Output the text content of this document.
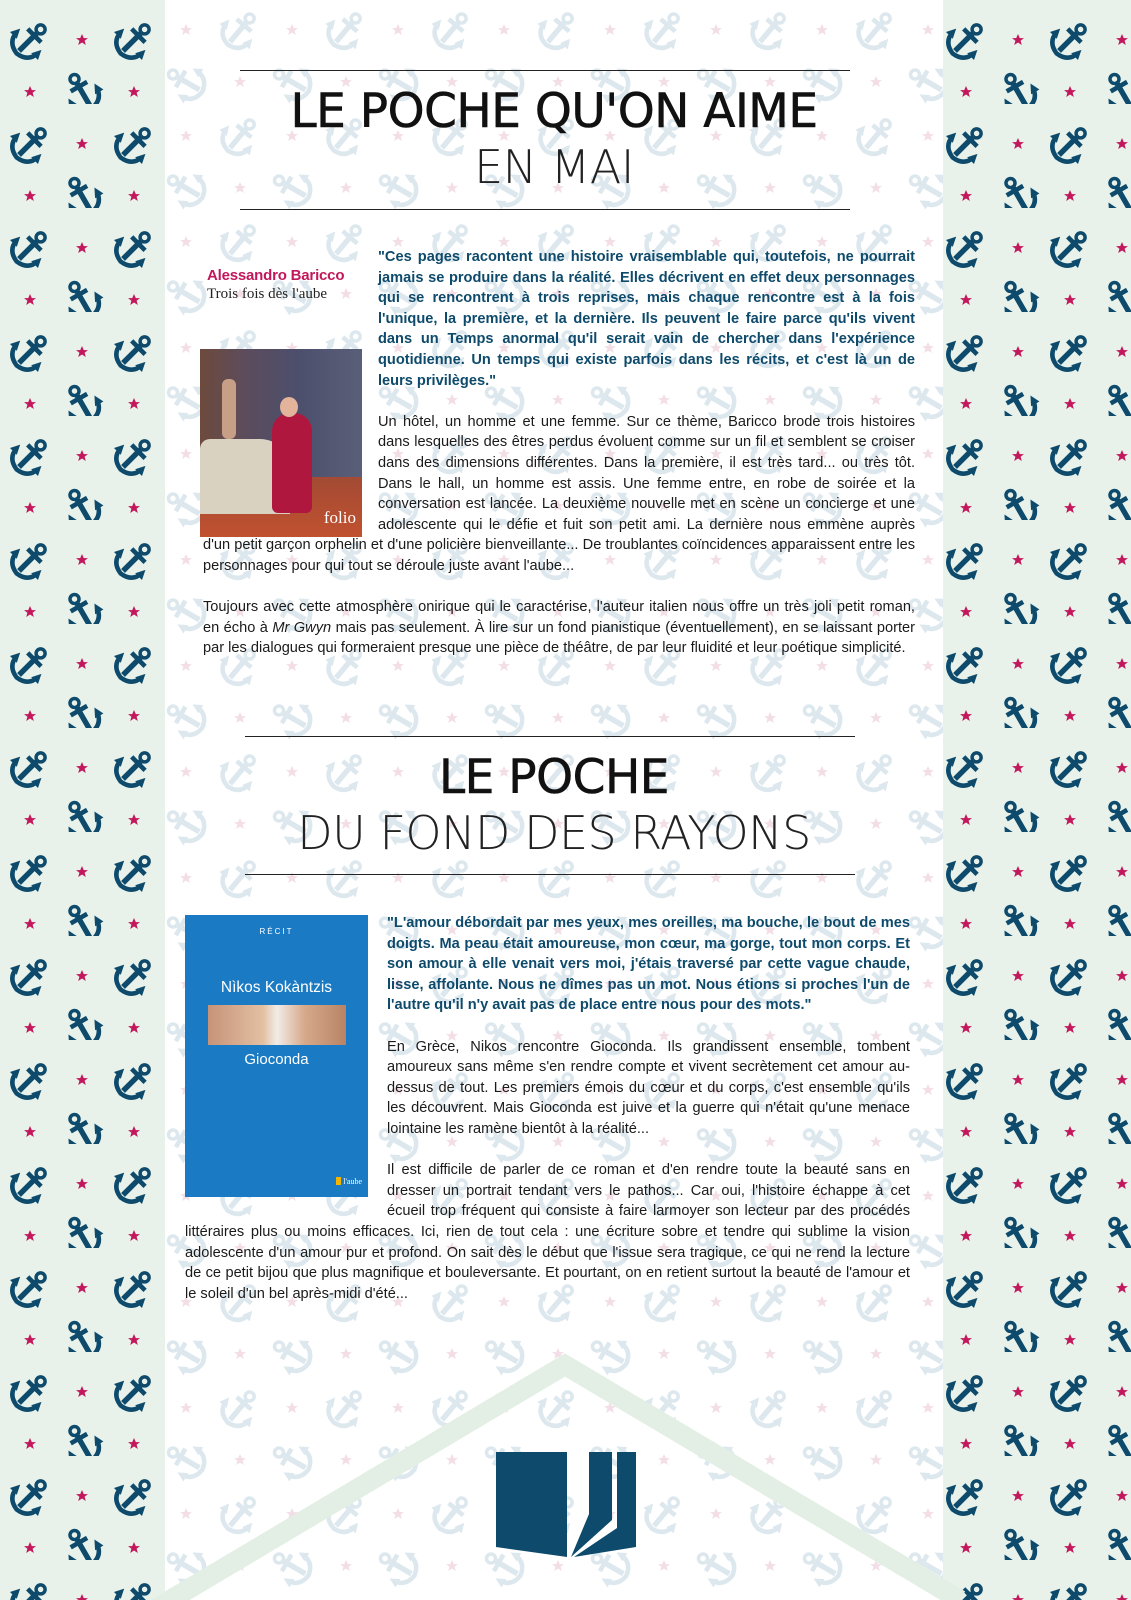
LE POCHE QU'ON AIME
EN MAI
Alessandro Baricco
Trois fois dès l'aube
folio

"Ces pages racontent une histoire vraisemblable qui, toutefois, ne pourrait jamais se produire dans la réalité. Elles décrivent en effet deux personnages qui se rencontrent à trois reprises, mais chaque rencontre est à la fois l'unique, la première, et la dernière. Ils peuvent le faire parce qu'ils vivent dans un Temps anormal qu'il serait vain de chercher dans l'expérience quotidienne. Un temps qui existe parfois dans les récits, et c'est là un de leurs privilèges."

Un hôtel, un homme et une femme. Sur ce thème, Baricco brode trois histoires dans lesquelles des êtres perdus évoluent comme sur un fil et semblent se croiser dans des dimensions différentes. Dans la première, il est très tard... ou très tôt. Dans le hall, un homme est assis. Une femme entre, en robe de soirée et la conversation est lancée. La deuxième nouvelle met en scène un concierge et une adolescente qui le défie et fuit son petit ami. La dernière nous emmène auprès d'un petit garçon orphelin et d'une policière bienveillante... De troublantes coïncidences apparaissent entre les personnages pour qui tout se déroule juste avant l'aube...

Toujours avec cette atmosphère onirique qui le caractérise, l'auteur italien nous offre un très joli petit roman, en écho à Mr Gwyn mais pas seulement. À lire sur un fond pianistique (éventuellement), en se laissant porter par les dialogues qui formeraient presque une pièce de théâtre, de par leur fluidité et leur poétique simplicité.

LE POCHE
DU FOND DES RAYONS
RÉCIT
Nìkos Kokàntzis
Gioconda
l'aube

"L'amour débordait par mes yeux, mes oreilles, ma bouche, le bout de mes doigts. Ma peau était amoureuse, mon cœur, ma gorge, tout mon corps. Et son amour à elle venait vers moi, j'étais traversé par cette vague chaude, lisse, affolante. Nous ne dîmes pas un mot. Nous étions si proches l'un de l'autre qu'il n'y avait pas de place entre nous pour des mots."

En Grèce, Nikos rencontre Gioconda. Ils grandissent ensemble, tombent amoureux sans même s'en rendre compte et vivent secrètement cet amour au-dessus de tout. Les premiers émois du cœur et du corps, c'est ensemble qu'ils les découvrent. Mais Gioconda est juive et la guerre qui n'était qu'une menace lointaine les ramène bientôt à la réalité...

Il est difficile de parler de ce roman et d'en rendre toute la beauté sans en dresser un portrait tendant vers le pathos... Car oui, l'histoire échappe à cet écueil trop fréquent qui consiste à faire larmoyer son lecteur par des procédés littéraires plus ou moins efficaces. Ici, rien de tout cela : une écriture sobre et tendre qui sublime la vision adolescente d'un amour pur et profond. On sait dès le début que l'issue sera tragique, ce qui ne rend la lecture de ce petit bijou que plus magnifique et bouleversante. Et pourtant, on en retient surtout la beauté de l'amour et le soleil d'un bel après-midi d'été...
